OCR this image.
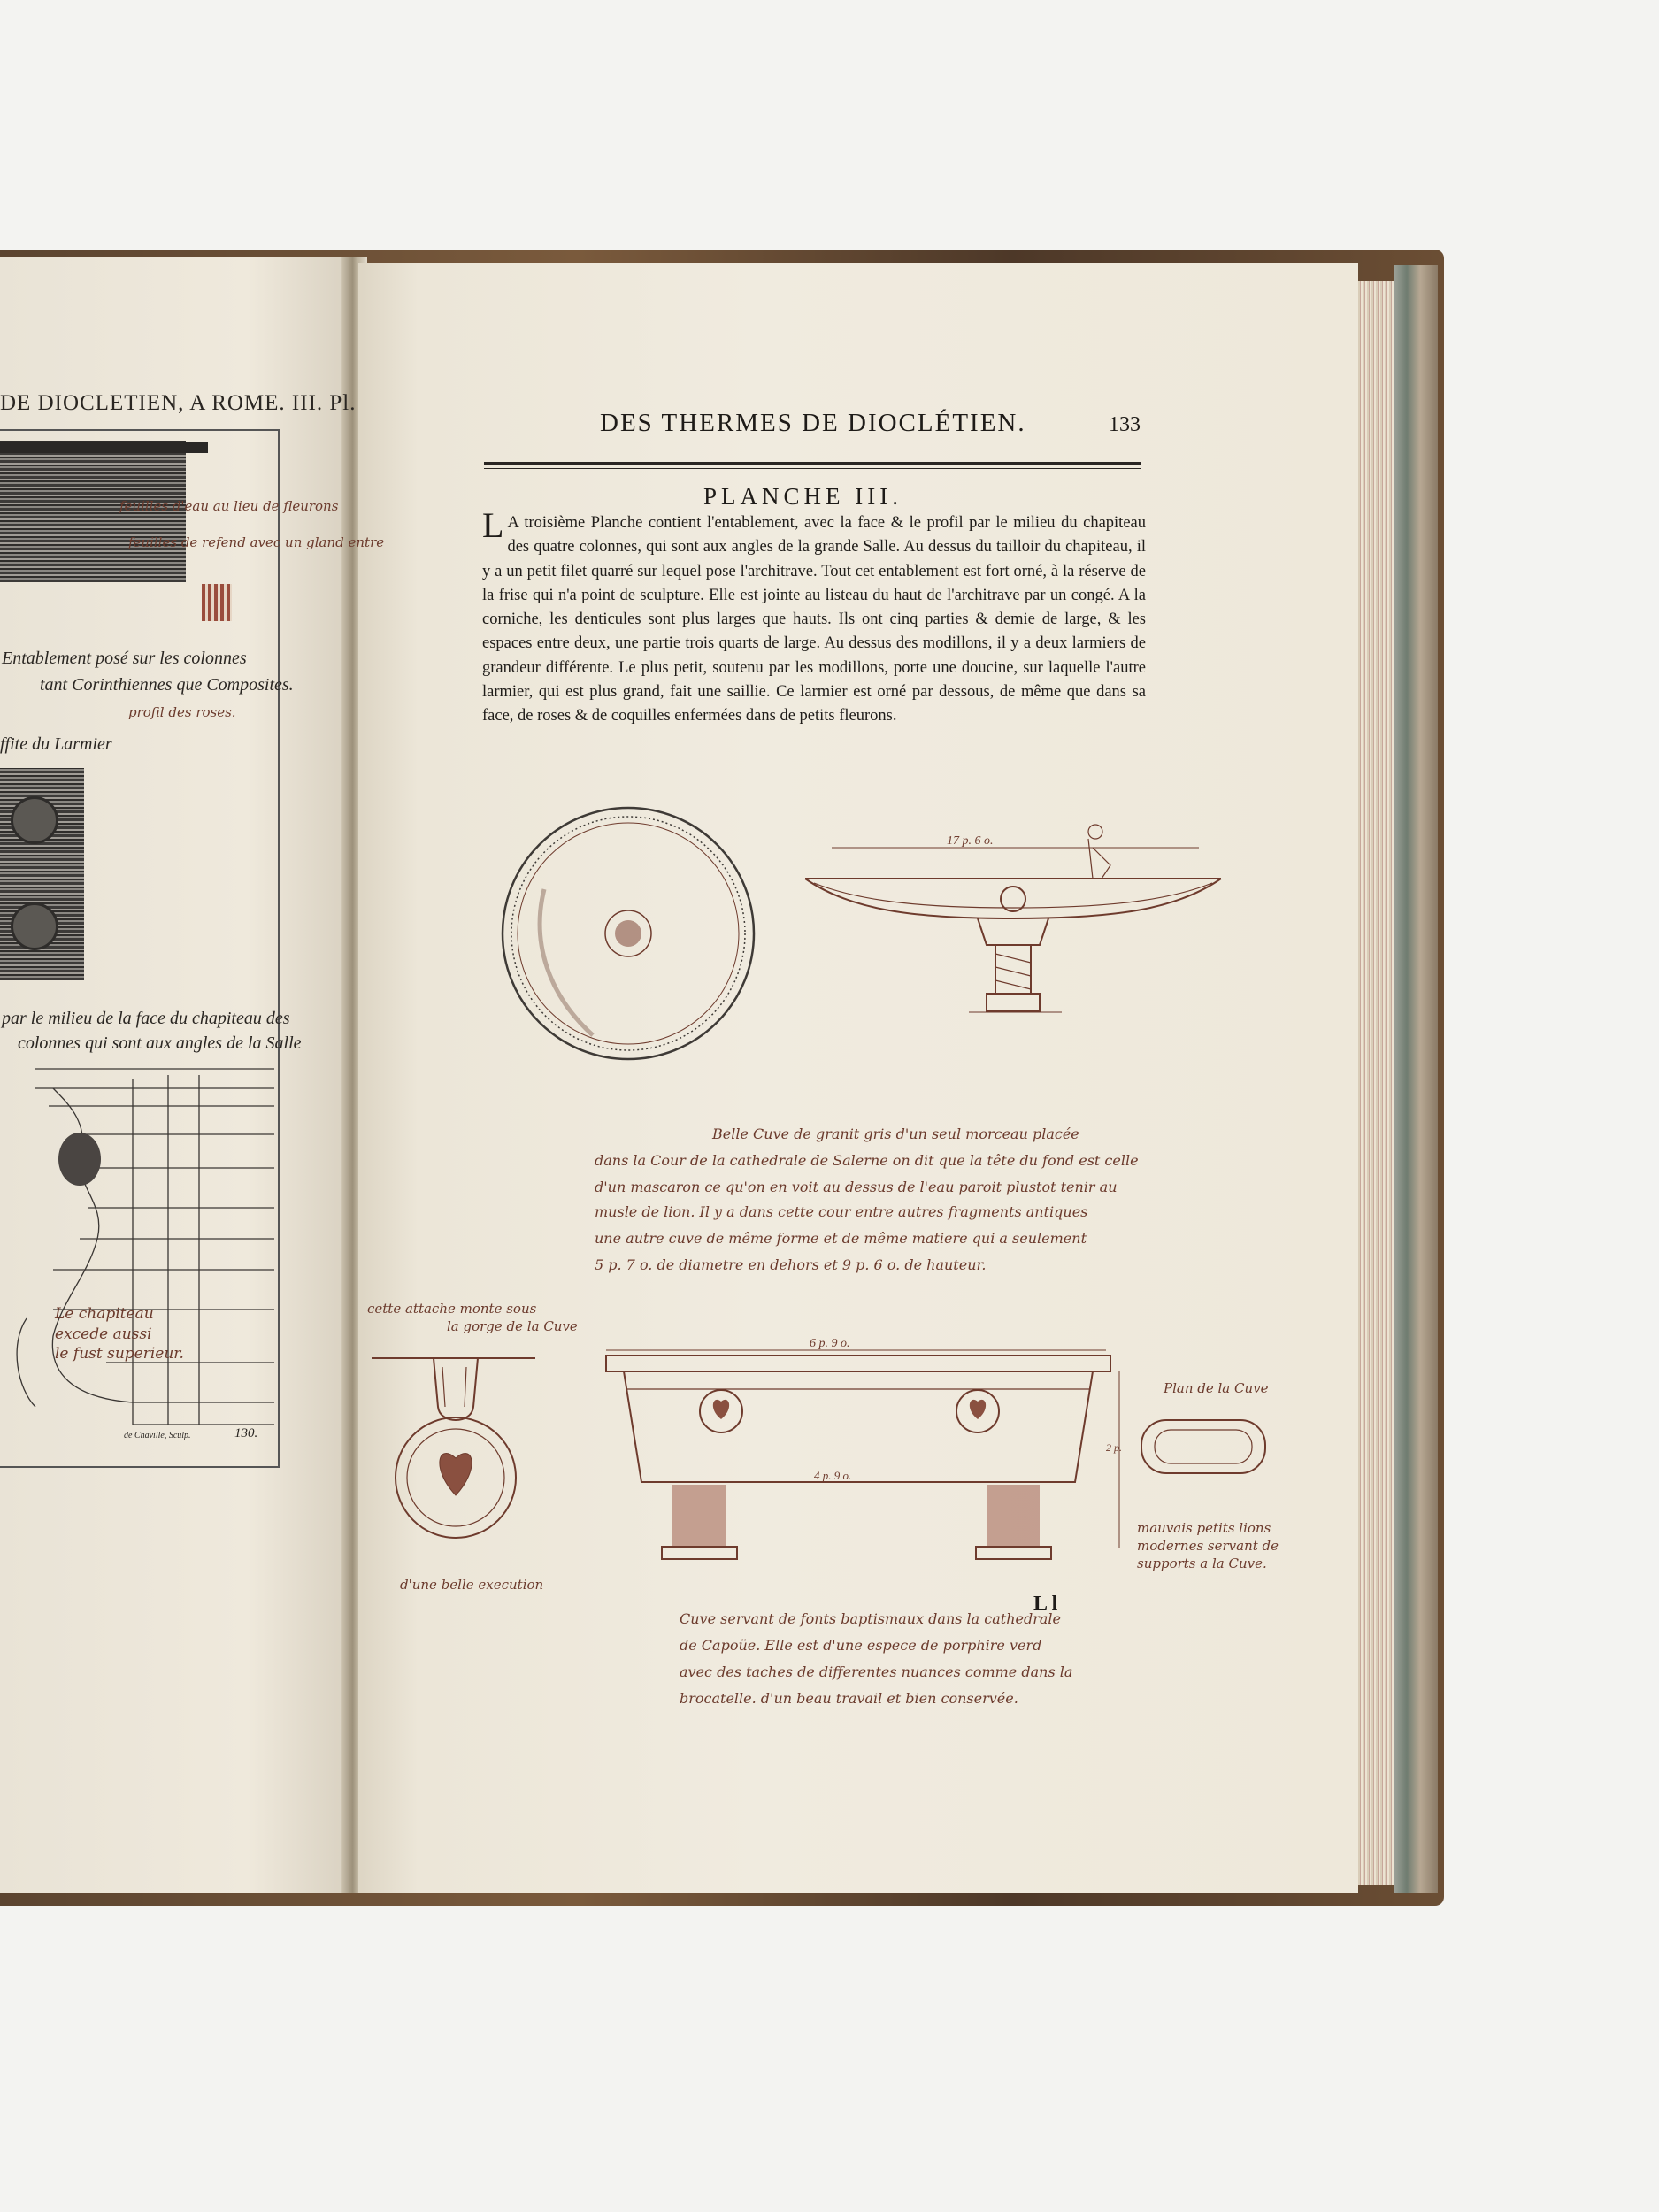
DE DIOCLETIEN, A ROME. III. Pl.
Entablement posé sur les colonnes
tant Corinthiennes que Composites.
ffite du Larmier
par le milieu de la face du chapiteau des
colonnes qui sont aux angles de la Salle
feuilles d'eau au lieu de fleurons
feuilles de refend avec un gland entre
profil des roses.
Le chapiteau
excede aussi
le fust superieur.
de Chaville, Sculp.	130.
DES THERMES DE DIOCLÉTIEN.	133
PLANCHE III.
L A troisième Planche contient l'entablement, avec la face & le profil par le milieu du chapiteau des quatre colonnes, qui sont aux angles de la grande Salle. Au dessus du tailloir du chapiteau, il y a un petit filet quarré sur lequel pose l'architrave. Tout cet entablement est fort orné, à la réserve de la frise qui n'a point de sculpture. Elle est jointe au listeau du haut de l'architrave par un congé. A la corniche, les denticules sont plus larges que hauts. Ils ont cinq parties & demie de large, & les espaces entre deux, une partie trois quarts de large. Au dessus des modillons, il y a deux larmiers de grandeur différente. Le plus petit, soutenu par les modillons, porte une doucine, sur laquelle l'autre larmier, qui est plus grand, fait une saillie. Ce larmier est orné par dessous, de même que dans sa face, de roses & de coquilles enfermées dans de petits fleurons.
17 p. 6 o.
Belle Cuve de granit gris d'un seul morceau placée
dans la Cour de la cathedrale de Salerne on dit que la tête du fond est celle
d'un mascaron ce qu'on en voit au dessus de l'eau paroit plustot tenir au
musle de lion. Il y a dans cette cour entre autres fragments antiques
une autre cuve de même forme et de même matiere qui a seulement
5 p. 7 o. de diametre en dehors et 9 p. 6 o. de hauteur.
cette attache monte sous
la gorge de la Cuve
d'une belle execution
6 p. 9 o.
4 p. 9 o.
2 p.
Plan de la Cuve
mauvais petits lions
modernes servant de
supports a la Cuve.
L l
Cuve servant de fonts baptismaux dans la cathedrale
de Capoüe. Elle est d'une espece de porphire verd
avec des taches de differentes nuances comme dans la
brocatelle. d'un beau travail et bien conservée.
